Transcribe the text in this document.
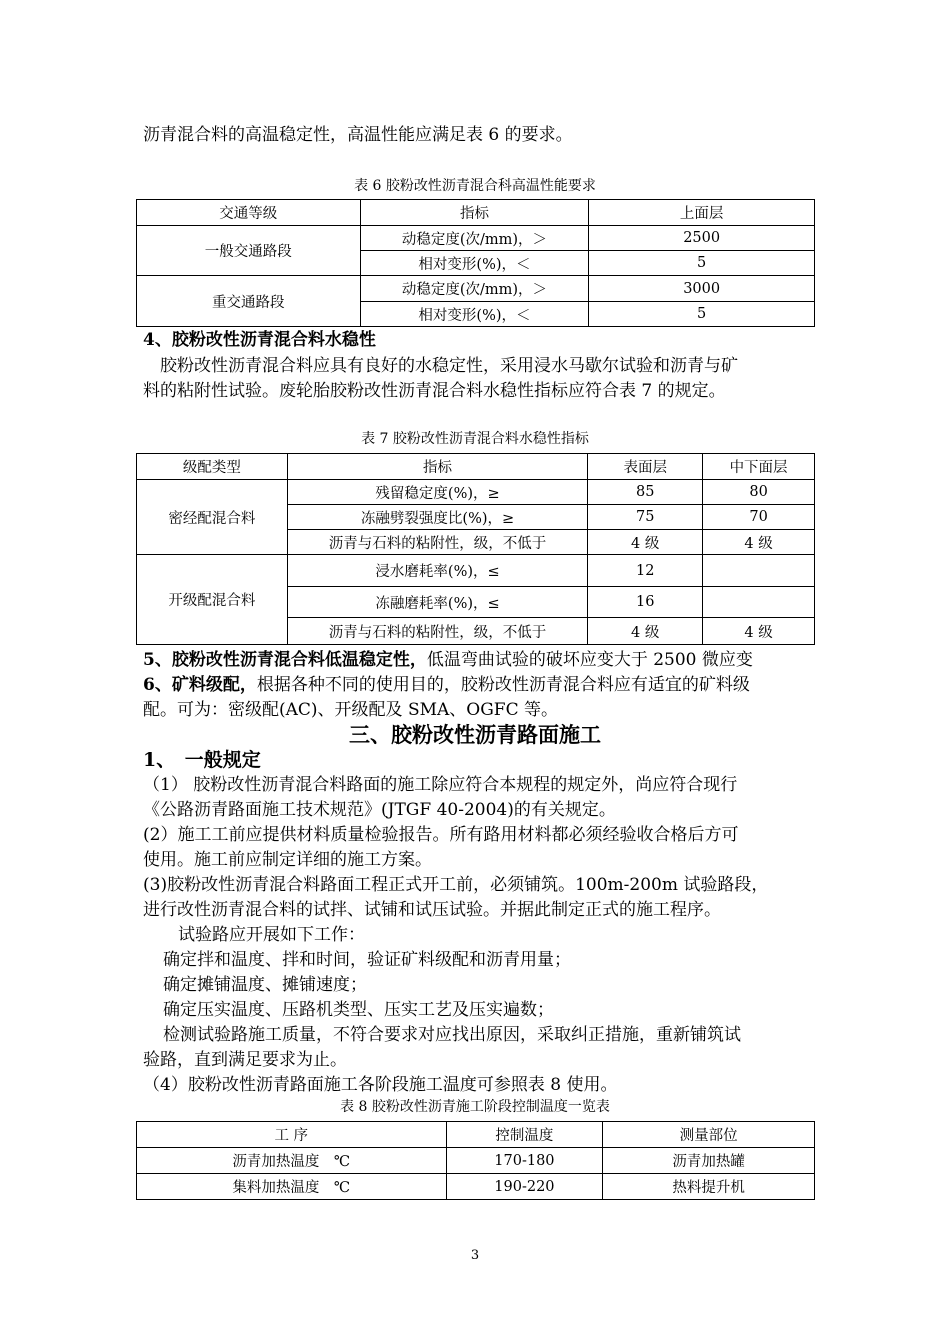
沥青混合料的高温稳定性，高温性能应满足表 6 的要求。
表 6 胶粉改性沥青混合科高温性能要求
交通等级	指标	上面层
一般交通路段	动稳定度(次/mm)，＞	2500
	相对变形(%)，＜	5
重交通路段	动稳定度(次/mm)，＞	3000
	相对变形(%)，＜	5
4、胶粉改性沥青混合料水稳性
胶粉改性沥青混合料应具有良好的水稳定性，采用浸水马歇尔试验和沥青与矿
料的粘附性试验。废轮胎胶粉改性沥青混合料水稳性指标应符合表 7 的规定。
表 7 胶粉改性沥青混合料水稳性指标
级配类型	指标	表面层	中下面层
密经配混合料	残留稳定度(%)，≥	85	80
	冻融劈裂强度比(%)，≥	75	70
	沥青与石料的粘附性，级，不低于	4 级	4 级
开级配混合料	浸水磨耗率(%)，≤	12	
	冻融磨耗率(%)，≤	16	
	沥青与石料的粘附性，级，不低于	4 级	4 级
5、胶粉改性沥青混合料低温稳定性，低温弯曲试验的破坏应变大于 2500 微应变
6、矿料级配，根据各种不同的使用目的，胶粉改性沥青混合料应有适宜的矿料级
配。可为：密级配(AC)、开级配及 SMA、OGFC 等。
三、胶粉改性沥青路面施工
1、　一般规定
（1） 胶粉改性沥青混合料路面的施工除应符合本规程的规定外，尚应符合现行
《公路沥青路面施工技术规范》(JTGF 40-2004)的有关规定。
(2）施工工前应提供材料质量检验报告。所有路用材料都必须经验收合格后方可
使用。施工前应制定详细的施工方案。
(3)胶粉改性沥青混合料路面工程正式开工前，必须铺筑。100m-200m 试验路段，
进行改性沥青混合料的试拌、试铺和试压试验。并据此制定正式的施工程序。
试验路应开展如下工作：
确定拌和温度、拌和时间，验证矿料级配和沥青用量；
确定摊铺温度、摊铺速度；
确定压实温度、压路机类型、压实工艺及压实遍数；
检测试验路施工质量，不符合要求对应找出原因，采取纠正措施，重新铺筑试
验路，直到满足要求为止。
（4）胶粉改性沥青路面施工各阶段施工温度可参照表 8 使用。
表 8 胶粉改性沥青施工阶段控制温度一览表
工 序	控制温度	测量部位
沥青加热温度　℃	170-180	沥青加热罐
集料加热温度　℃	190-220	热料提升机
3
